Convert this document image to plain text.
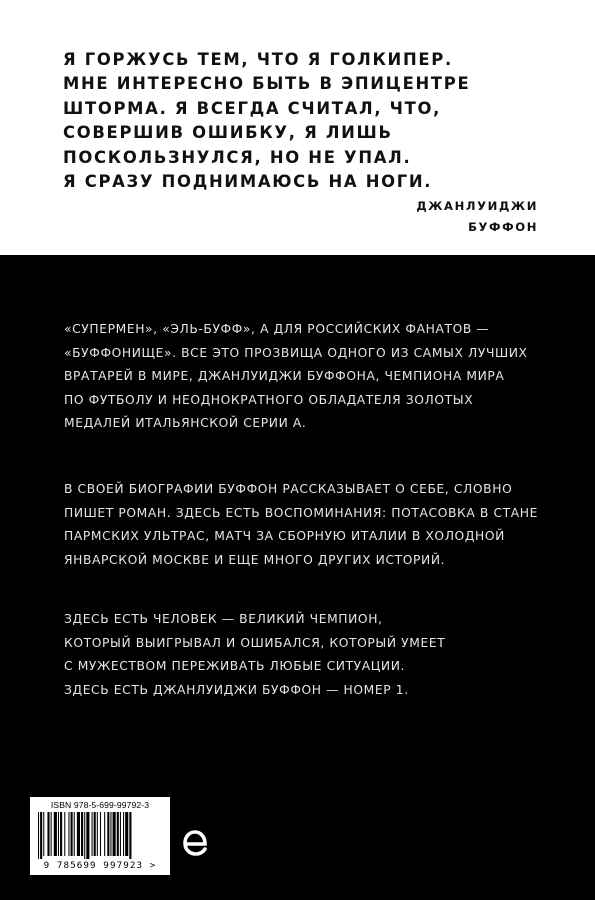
Я ГОРЖУСЬ ТЕМ, ЧТО Я ГОЛКИПЕР.
МНЕ ИНТЕРЕСНО БЫТЬ В ЭПИЦЕНТРЕ
ШТОРМА. Я ВСЕГДА СЧИТАЛ, ЧТО,
СОВЕРШИВ ОШИБКУ, Я ЛИШЬ
ПОСКОЛЬЗНУЛСЯ, НО НЕ УПАЛ.
Я СРАЗУ ПОДНИМАЮСЬ НА НОГИ.

ДЖАНЛУИДЖИ
БУФФОН

«СУПЕРМЕН», «ЭЛЬ-БУФФ», А ДЛЯ РОССИЙСКИХ ФАНАТОВ —
«БУФФОНИЩЕ». ВСЕ ЭТО ПРОЗВИЩА ОДНОГО ИЗ САМЫХ ЛУЧШИХ
ВРАТАРЕЙ В МИРЕ, ДЖАНЛУИДЖИ БУФФОНА, ЧЕМПИОНА МИРА
ПО ФУТБОЛУ И НЕОДНОКРАТНОГО ОБЛАДАТЕЛЯ ЗОЛОТЫХ
МЕДАЛЕЙ ИТАЛЬЯНСКОЙ СЕРИИ А.

В СВОЕЙ БИОГРАФИИ БУФФОН РАССКАЗЫВАЕТ О СЕБЕ, СЛОВНО
ПИШЕТ РОМАН. ЗДЕСЬ ЕСТЬ ВОСПОМИНАНИЯ: ПОТАСОВКА В СТАНЕ
ПАРМСКИХ УЛЬТРАС, МАТЧ ЗА СБОРНУЮ ИТАЛИИ В ХОЛОДНОЙ
ЯНВАРСКОЙ МОСКВЕ И ЕЩЕ МНОГО ДРУГИХ ИСТОРИЙ.

ЗДЕСЬ ЕСТЬ ЧЕЛОВЕК — ВЕЛИКИЙ ЧЕМПИОН,
КОТОРЫЙ ВЫИГРЫВАЛ И ОШИБАЛСЯ, КОТОРЫЙ УМЕЕТ
С МУЖЕСТВОМ ПЕРЕЖИВАТЬ ЛЮБЫЕ СИТУАЦИИ.
ЗДЕСЬ ЕСТЬ ДЖАНЛУИДЖИ БУФФОН — НОМЕР 1.

ISBN 978-5-699-99792-3
9 785699 997923 >
